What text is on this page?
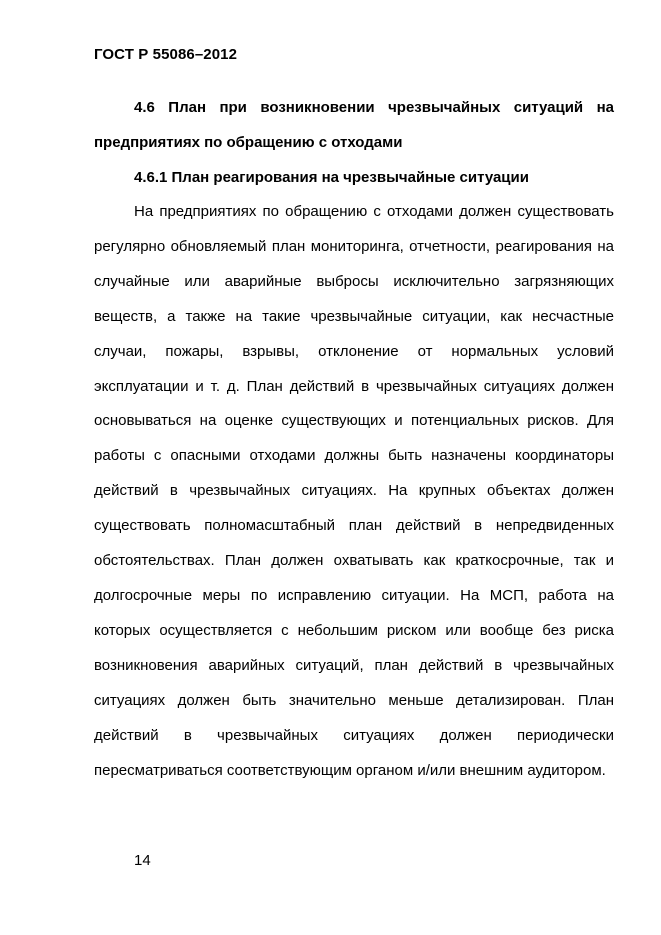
ГОСТ Р 55086–2012
4.6 План при возникновении чрезвычайных ситуаций на предприятиях по обращению с отходами
4.6.1 План реагирования на чрезвычайные ситуации
На предприятиях по обращению с отходами должен существовать регулярно обновляемый план мониторинга, отчетности, реагирования на случайные или аварийные выбросы исключительно загрязняющих веществ, а также на такие чрезвычайные ситуации, как несчастные случаи, пожары, взрывы, отклонение от нормальных условий эксплуатации и т. д. План действий в чрезвычайных ситуациях должен основываться на оценке существующих и потенциальных рисков. Для работы с опасными отходами должны быть назначены координаторы действий в чрезвычайных ситуациях. На крупных объектах должен существовать полномасштабный план действий в непредвиденных обстоятельствах. План должен охватывать как краткосрочные, так и долгосрочные меры по исправлению ситуации. На МСП, работа на которых осуществляется с небольшим риском или вообще без риска возникновения аварийных ситуаций, план действий в чрезвычайных ситуациях должен быть значительно меньше детализирован. План действий в чрезвычайных ситуациях должен периодически пересматриваться соответствующим органом и/или внешним аудитором.
14
